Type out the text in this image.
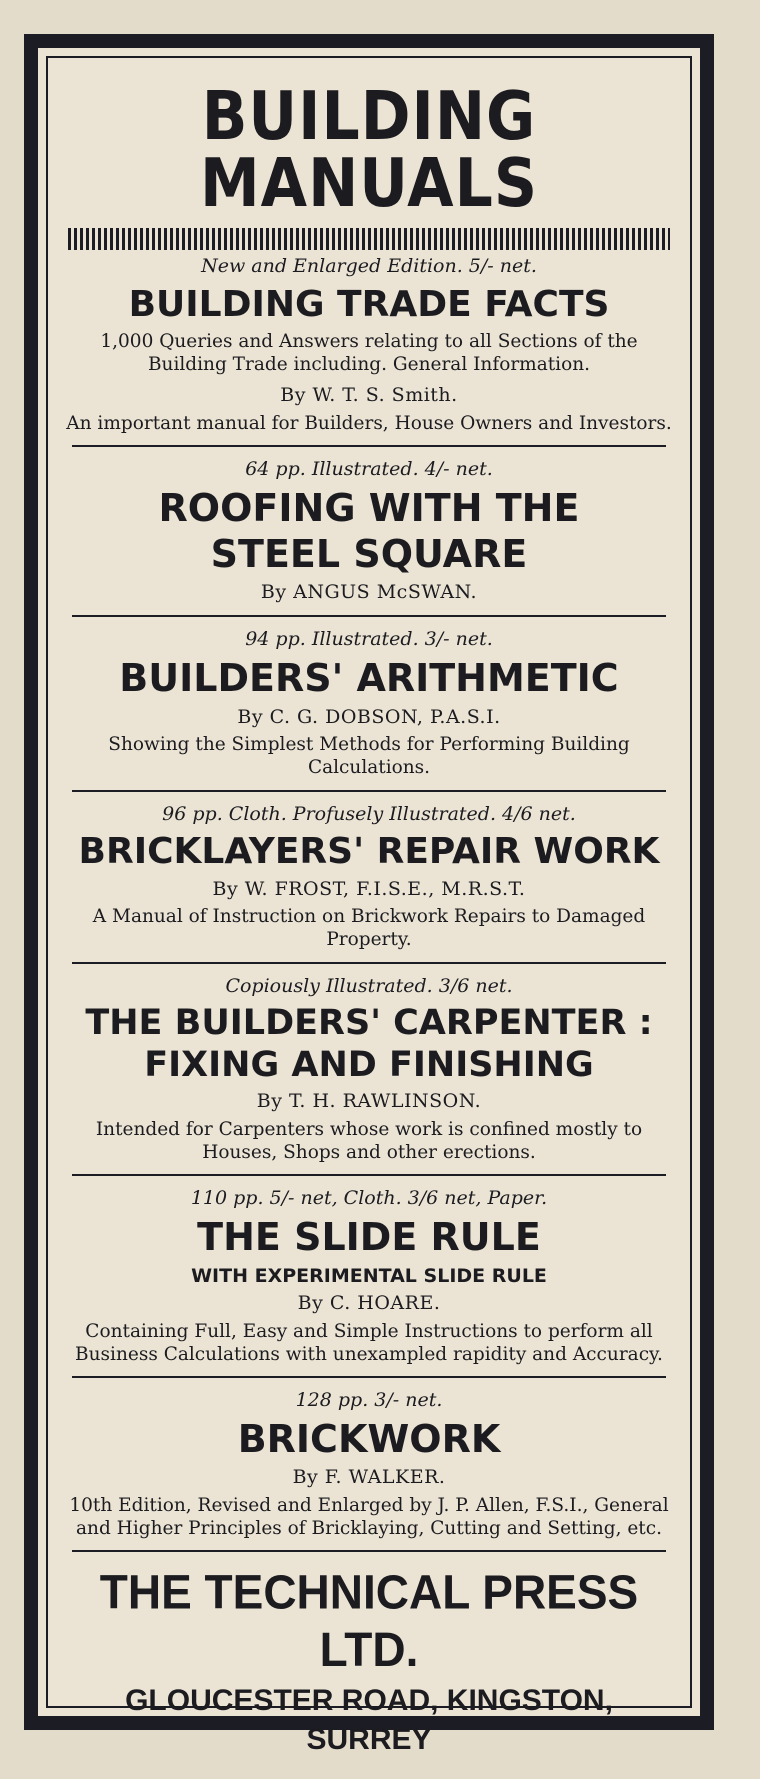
BUILDING MANUALS
New and Enlarged Edition. 5/- net.
BUILDING TRADE FACTS
1,000 Queries and Answers relating to all Sections of the Building Trade including. General Information.
By W. T. S. Smith.
An important manual for Builders, House Owners and Investors.
64 pp. Illustrated. 4/- net.
ROOFING WITH THE STEEL SQUARE
By ANGUS McSWAN.
94 pp. Illustrated. 3/- net.
BUILDERS' ARITHMETIC
By C. G. DOBSON, P.A.S.I.
Showing the Simplest Methods for Performing Building Calculations.
96 pp. Cloth. Profusely Illustrated. 4/6 net.
BRICKLAYERS' REPAIR WORK
By W. FROST, F.I.S.E., M.R.S.T.
A Manual of Instruction on Brickwork Repairs to Damaged Property.
Copiously Illustrated. 3/6 net.
THE BUILDERS' CARPENTER : FIXING AND FINISHING
By T. H. RAWLINSON.
Intended for Carpenters whose work is confined mostly to Houses, Shops and other erections.
110 pp. 5/- net, Cloth. 3/6 net, Paper.
THE SLIDE RULE
WITH EXPERIMENTAL SLIDE RULE
By C. HOARE.
Containing Full, Easy and Simple Instructions to perform all Business Calculations with unexampled rapidity and Accuracy.
128 pp. 3/- net.
BRICKWORK
By F. WALKER.
10th Edition, Revised and Enlarged by J. P. Allen, F.S.I., General and Higher Principles of Bricklaying, Cutting and Setting, etc.
THE TECHNICAL PRESS LTD.
GLOUCESTER ROAD, KINGSTON, SURREY
